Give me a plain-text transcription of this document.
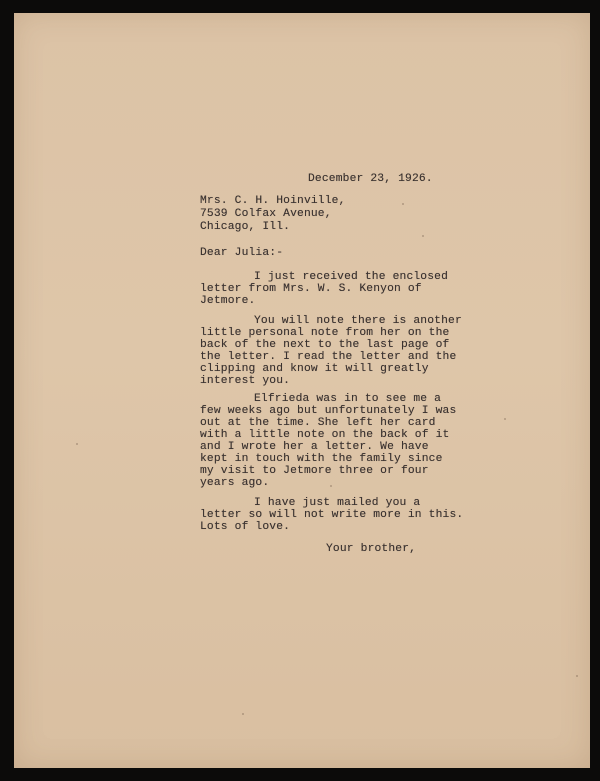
December 23, 1926.
Mrs. C. H. Hoinville,
7539 Colfax Avenue,
Chicago, Ill.
Dear Julia:-
I just received the enclosed
letter from Mrs. W. S. Kenyon of
Jetmore.
You will note there is another
little personal note from her on the
back of the next to the last page of
the letter. I read the letter and the
clipping and know it will greatly
interest you.
Elfrieda was in to see me a
few weeks ago but unfortunately I was
out at the time. She left her card
with a little note on the back of it
and I wrote her a letter. We have
kept in touch with the family since
my visit to Jetmore three or four
years ago.
I have just mailed you a
letter so will not write more in this.
Lots of love.
Your brother,
